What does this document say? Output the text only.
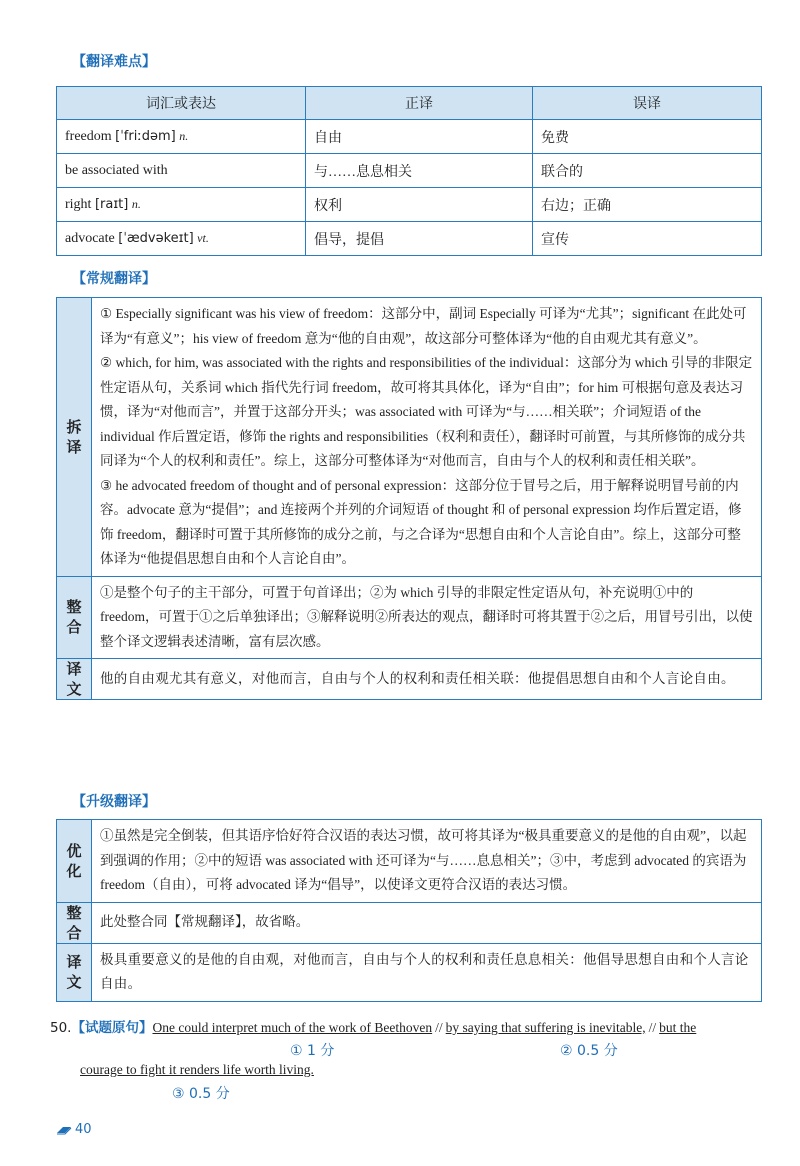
【翻译难点】
词汇或表达	正译	误译
freedom [ˈfriːdəm] n.	自由	免费
be associated with	与……息息相关	联合的
right [raɪt] n.	权利	右边；正确
advocate [ˈædvəkeɪt] vt.	倡导，提倡	宣传
【常规翻译】
拆译	① Especially significant was his view of freedom：这部分中，副词 Especially 可译为“尤其”；significant 在此处可译为“有意义”；his view of freedom 意为“他的自由观”，故这部分可整体译为“他的自由观尤其有意义”。

② which, for him, was associated with the rights and responsibilities of the individual：这部分为 which 引导的非限定性定语从句，关系词 which 指代先行词 freedom，故可将其具体化，译为“自由”；for him 可根据句意及表达习惯，译为“对他而言”，并置于这部分开头；was associated with 可译为“与……相关联”；介词短语 of the individual 作后置定语，修饰 the rights and responsibilities（权利和责任），翻译时可前置，与其所修饰的成分共同译为“个人的权利和责任”。综上，这部分可整体译为“对他而言，自由与个人的权利和责任相关联”。

③ he advocated freedom of thought and of personal expression：这部分位于冒号之后，用于解释说明冒号前的内容。advocate 意为“提倡”；and 连接两个并列的介词短语 of thought 和 of personal expression 均作后置定语，修饰 freedom，翻译时可置于其所修饰的成分之前，与之合译为“思想自由和个人言论自由”。综上，这部分可整体译为“他提倡思想自由和个人言论自由”。

整合	①是整个句子的主干部分，可置于句首译出；②为 which 引导的非限定性定语从句，补充说明①中的 freedom，可置于①之后单独译出；③解释说明②所表达的观点，翻译时可将其置于②之后，用冒号引出，以使整个译文逻辑表述清晰，富有层次感。
译文	他的自由观尤其有意义，对他而言，自由与个人的权利和责任相关联：他提倡思想自由和个人言论自由。
【升级翻译】
优化	①虽然是完全倒装，但其语序恰好符合汉语的表达习惯，故可将其译为“极具重要意义的是他的自由观”，以起到强调的作用；②中的短语 was associated with 还可译为“与……息息相关”；③中，考虑到 advocated 的宾语为 freedom（自由），可将 advocated 译为“倡导”，以使译文更符合汉语的表达习惯。
整合	此处整合同【常规翻译】，故省略。
译文	极具重要意义的是他的自由观，对他而言，自由与个人的权利和责任息息相关：他倡导思想自由和个人言论自由。
50.【试题原句】One could interpret much of the work of Beethoven // by saying that suffering is inevitable, // but the
① 1 分	② 0.5 分
courage to fight it renders life worth living.
③ 0.5 分
40
